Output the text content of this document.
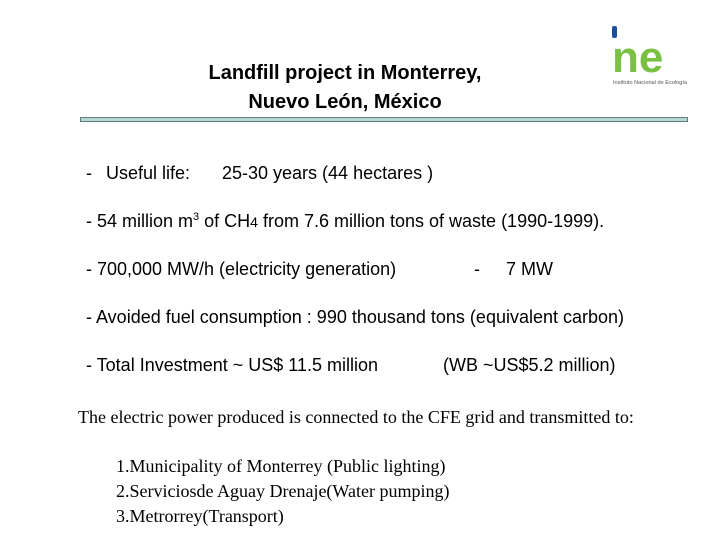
ne
Instituto Nacional de Ecología
Landfill project in Monterrey,
Nuevo León, México
- Useful life: 25-30 years (44 hectares )
- 54 million $m^3$ of CH4 from 7.6 million tons of waste (1990-1999).
- 700,000 MW/h (electricity generation)	- 7 MW
- Avoided fuel consumption : 990 thousand tons (equivalent carbon)
- Total Investment ~ US$ 11.5 million	(WB ~US$5.2 million)
The electric power produced is connected to the CFE grid and transmitted to:
1.Municipality of Monterrey (Public lighting)
2.Serviciosde Aguay Drenaje(Water pumping)
3.Metrorrey(Transport)
